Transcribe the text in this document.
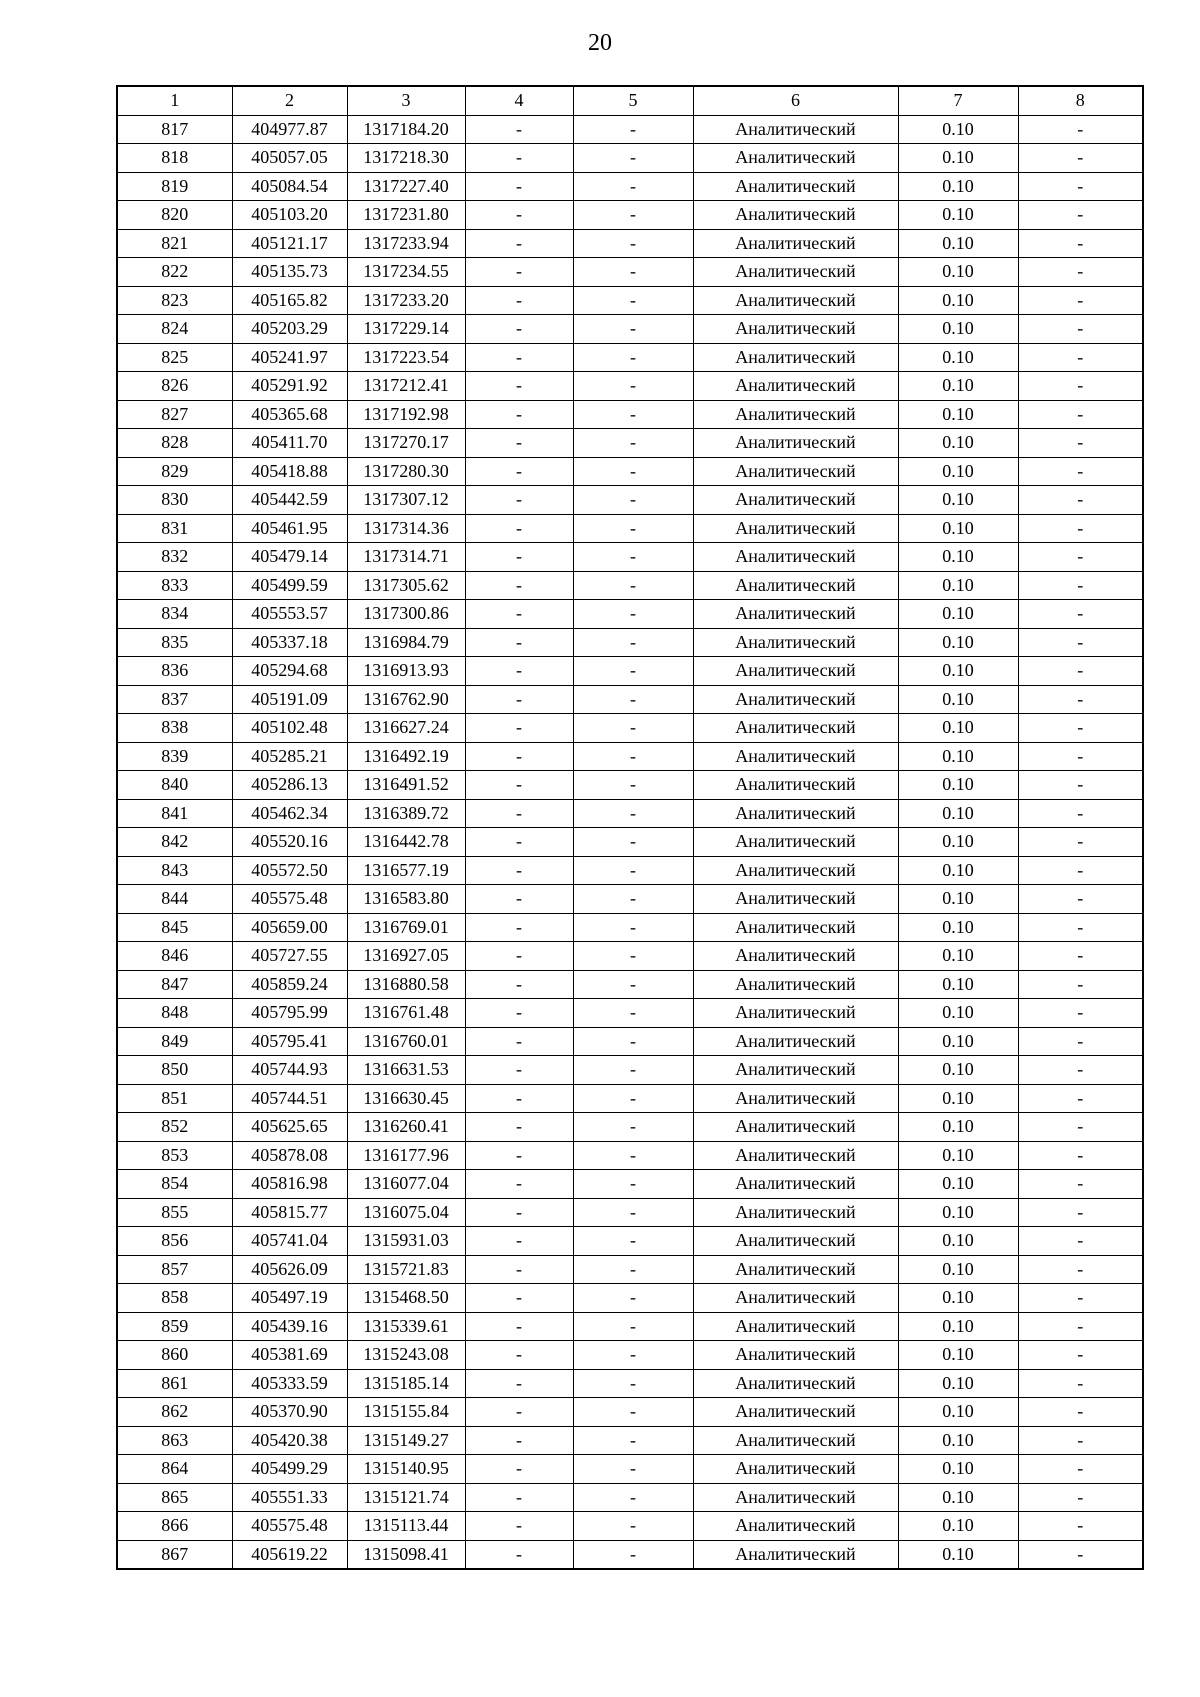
20
1	2	3	4	5	6	7	8
817	404977.87	1317184.20	-	-	Аналитический	0.10	-
818	405057.05	1317218.30	-	-	Аналитический	0.10	-
819	405084.54	1317227.40	-	-	Аналитический	0.10	-
820	405103.20	1317231.80	-	-	Аналитический	0.10	-
821	405121.17	1317233.94	-	-	Аналитический	0.10	-
822	405135.73	1317234.55	-	-	Аналитический	0.10	-
823	405165.82	1317233.20	-	-	Аналитический	0.10	-
824	405203.29	1317229.14	-	-	Аналитический	0.10	-
825	405241.97	1317223.54	-	-	Аналитический	0.10	-
826	405291.92	1317212.41	-	-	Аналитический	0.10	-
827	405365.68	1317192.98	-	-	Аналитический	0.10	-
828	405411.70	1317270.17	-	-	Аналитический	0.10	-
829	405418.88	1317280.30	-	-	Аналитический	0.10	-
830	405442.59	1317307.12	-	-	Аналитический	0.10	-
831	405461.95	1317314.36	-	-	Аналитический	0.10	-
832	405479.14	1317314.71	-	-	Аналитический	0.10	-
833	405499.59	1317305.62	-	-	Аналитический	0.10	-
834	405553.57	1317300.86	-	-	Аналитический	0.10	-
835	405337.18	1316984.79	-	-	Аналитический	0.10	-
836	405294.68	1316913.93	-	-	Аналитический	0.10	-
837	405191.09	1316762.90	-	-	Аналитический	0.10	-
838	405102.48	1316627.24	-	-	Аналитический	0.10	-
839	405285.21	1316492.19	-	-	Аналитический	0.10	-
840	405286.13	1316491.52	-	-	Аналитический	0.10	-
841	405462.34	1316389.72	-	-	Аналитический	0.10	-
842	405520.16	1316442.78	-	-	Аналитический	0.10	-
843	405572.50	1316577.19	-	-	Аналитический	0.10	-
844	405575.48	1316583.80	-	-	Аналитический	0.10	-
845	405659.00	1316769.01	-	-	Аналитический	0.10	-
846	405727.55	1316927.05	-	-	Аналитический	0.10	-
847	405859.24	1316880.58	-	-	Аналитический	0.10	-
848	405795.99	1316761.48	-	-	Аналитический	0.10	-
849	405795.41	1316760.01	-	-	Аналитический	0.10	-
850	405744.93	1316631.53	-	-	Аналитический	0.10	-
851	405744.51	1316630.45	-	-	Аналитический	0.10	-
852	405625.65	1316260.41	-	-	Аналитический	0.10	-
853	405878.08	1316177.96	-	-	Аналитический	0.10	-
854	405816.98	1316077.04	-	-	Аналитический	0.10	-
855	405815.77	1316075.04	-	-	Аналитический	0.10	-
856	405741.04	1315931.03	-	-	Аналитический	0.10	-
857	405626.09	1315721.83	-	-	Аналитический	0.10	-
858	405497.19	1315468.50	-	-	Аналитический	0.10	-
859	405439.16	1315339.61	-	-	Аналитический	0.10	-
860	405381.69	1315243.08	-	-	Аналитический	0.10	-
861	405333.59	1315185.14	-	-	Аналитический	0.10	-
862	405370.90	1315155.84	-	-	Аналитический	0.10	-
863	405420.38	1315149.27	-	-	Аналитический	0.10	-
864	405499.29	1315140.95	-	-	Аналитический	0.10	-
865	405551.33	1315121.74	-	-	Аналитический	0.10	-
866	405575.48	1315113.44	-	-	Аналитический	0.10	-
867	405619.22	1315098.41	-	-	Аналитический	0.10	-
